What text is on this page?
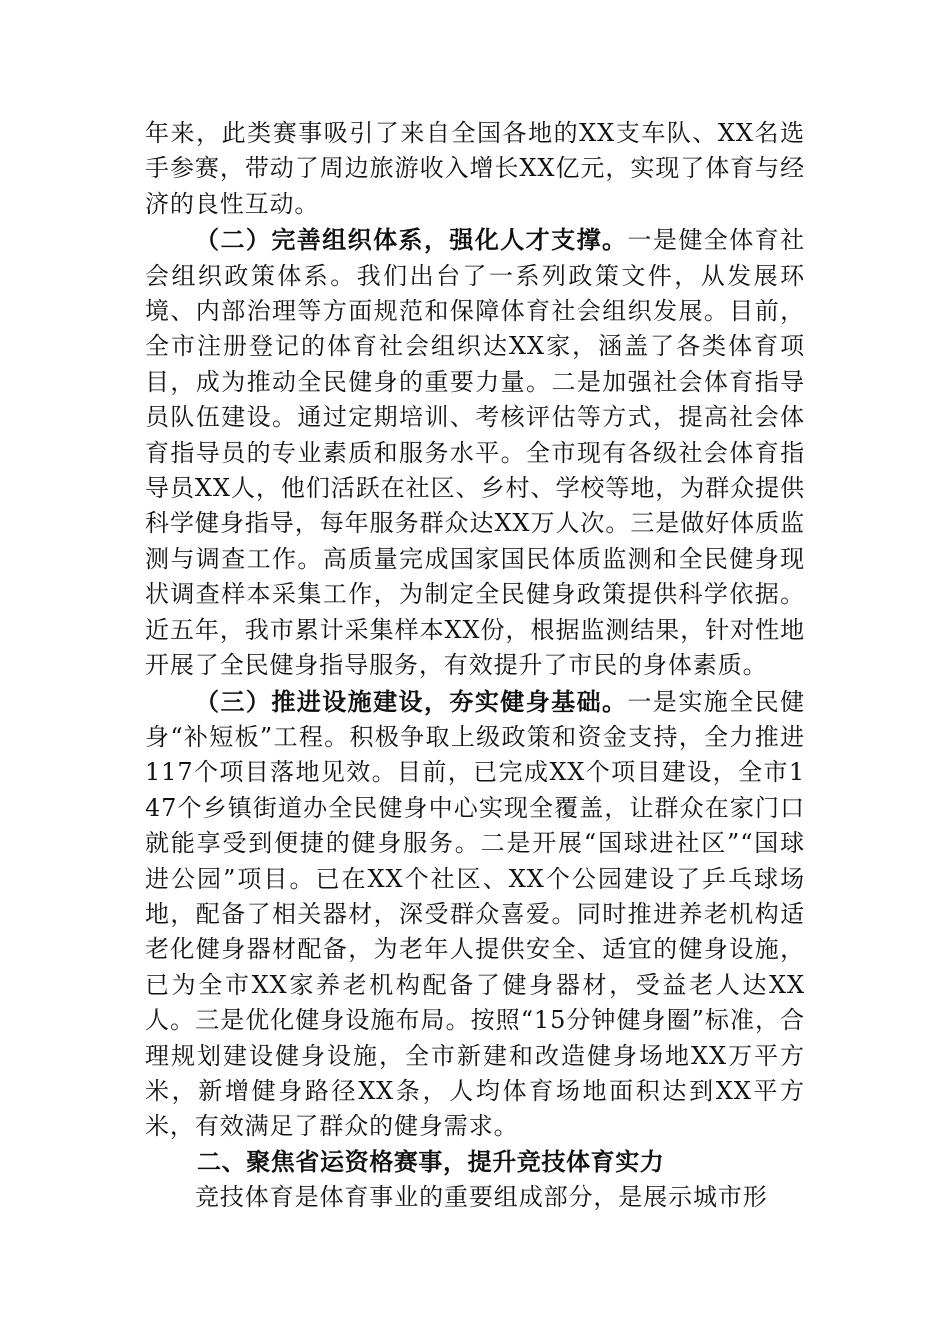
年来，此类赛事吸引了来自全国各地的XX支车队、XX名选手参赛，带动了周边旅游收入增长XX亿元，实现了体育与经济的良性互动。

（二）完善组织体系，强化人才支撑。一是健全体育社会组织政策体系。我们出台了一系列政策文件，从发展环境、内部治理等方面规范和保障体育社会组织发展。目前，全市注册登记的体育社会组织达XX家，涵盖了各类体育项目，成为推动全民健身的重要力量。二是加强社会体育指导员队伍建设。通过定期培训、考核评估等方式，提高社会体育指导员的专业素质和服务水平。全市现有各级社会体育指导员XX人，他们活跃在社区、乡村、学校等地，为群众提供科学健身指导，每年服务群众达XX万人次。三是做好体质监测与调查工作。高质量完成国家国民体质监测和全民健身现状调查样本采集工作，为制定全民健身政策提供科学依据。近五年，我市累计采集样本XX份，根据监测结果，针对性地开展了全民健身指导服务，有效提升了市民的身体素质。

（三）推进设施建设，夯实健身基础。一是实施全民健身“补短板”工程。积极争取上级政策和资金支持，全力推进117个项目落地见效。目前，已完成XX个项目建设，全市147个乡镇街道办全民健身中心实现全覆盖，让群众在家门口就能享受到便捷的健身服务。二是开展“国球进社区”“国球进公园”项目。已在XX个社区、XX个公园建设了乒乓球场地，配备了相关器材，深受群众喜爱。同时推进养老机构适老化健身器材配备，为老年人提供安全、适宜的健身设施，已为全市XX家养老机构配备了健身器材，受益老人达XX人。三是优化健身设施布局。按照“15分钟健身圈”标准，合理规划建设健身设施，全市新建和改造健身场地XX万平方米，新增健身路径XX条，人均体育场地面积达到XX平方米，有效满足了群众的健身需求。

二、聚焦省运资格赛事，提升竞技体育实力

竞技体育是体育事业的重要组成部分，是展示城市形
